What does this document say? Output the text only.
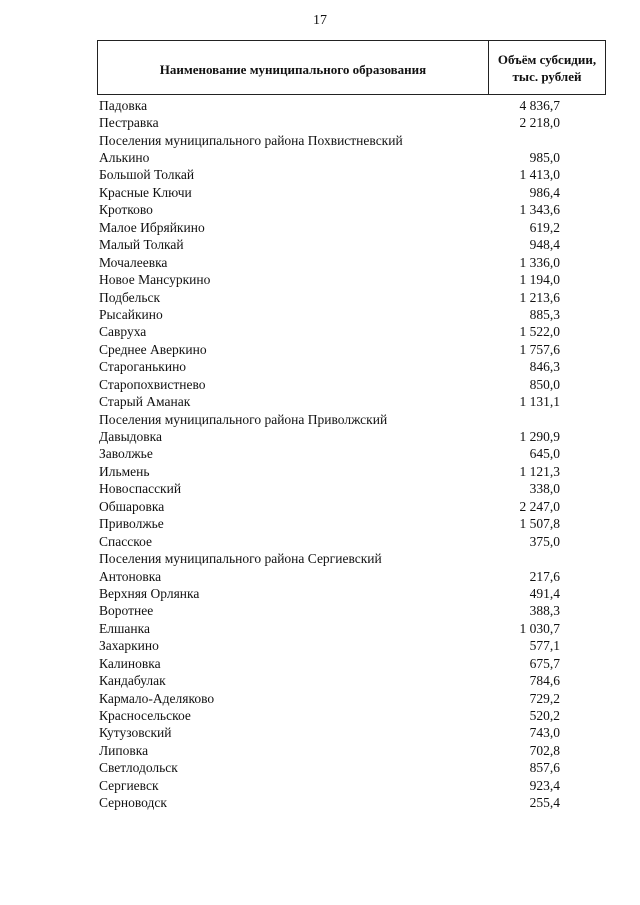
17
Наименование муниципального образования
Объём субсидии,
тыс. рублей
Падовка	4 836,7
Пестравка	2 218,0
Поселения муниципального района Похвистневский
Алькино	985,0
Большой Толкай	1 413,0
Красные Ключи	986,4
Кротково	1 343,6
Малое Ибряйкино	619,2
Малый Толкай	948,4
Мочалеевка	1 336,0
Новое Мансуркино	1 194,0
Подбельск	1 213,6
Рысайкино	885,3
Савруха	1 522,0
Среднее Аверкино	1 757,6
Староганькино	846,3
Старопохвистнево	850,0
Старый Аманак	1 131,1
Поселения муниципального района Приволжский
Давыдовка	1 290,9
Заволжье	645,0
Ильмень	1 121,3
Новоспасский	338,0
Обшаровка	2 247,0
Приволжье	1 507,8
Спасское	375,0
Поселения муниципального района Сергиевский
Антоновка	217,6
Верхняя Орлянка	491,4
Воротнее	388,3
Елшанка	1 030,7
Захаркино	577,1
Калиновка	675,7
Кандабулак	784,6
Кармало-Аделяково	729,2
Красносельское	520,2
Кутузовский	743,0
Липовка	702,8
Светлодольск	857,6
Сергиевск	923,4
Серноводск	255,4
